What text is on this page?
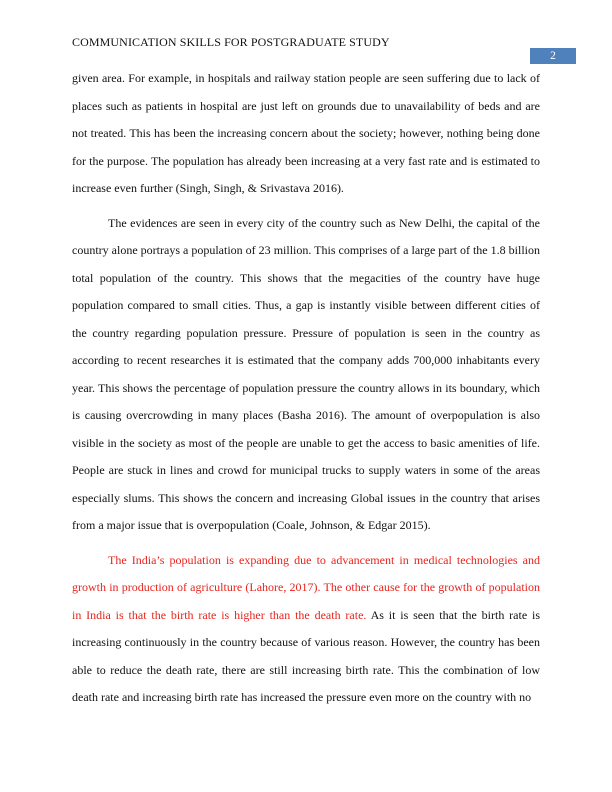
COMMUNICATION SKILLS FOR POSTGRADUATE STUDY
2

given area. For example, in hospitals and railway station people are seen suffering due to lack of places such as patients in hospital are just left on grounds due to unavailability of beds and are not treated. This has been the increasing concern about the society; however, nothing being done for the purpose. The population has already been increasing at a very fast rate and is estimated to increase even further (Singh, Singh, & Srivastava 2016).

The evidences are seen in every city of the country such as New Delhi, the capital of the country alone portrays a population of 23 million. This comprises of a large part of the 1.8 billion total population of the country. This shows that the megacities of the country have huge population compared to small cities. Thus, a gap is instantly visible between different cities of the country regarding population pressure. Pressure of population is seen in the country as according to recent researches it is estimated that the company adds 700,000 inhabitants every year. This shows the percentage of population pressure the country allows in its boundary, which is causing overcrowding in many places (Basha 2016). The amount of overpopulation is also visible in the society as most of the people are unable to get the access to basic amenities of life. People are stuck in lines and crowd for municipal trucks to supply waters in some of the areas especially slums. This shows the concern and increasing Global issues in the country that arises from a major issue that is overpopulation (Coale, Johnson, & Edgar 2015).

The India’s population is expanding due to advancement in medical technologies and growth in production of agriculture (Lahore, 2017). The other cause for the growth of population in India is that the birth rate is higher than the death rate. As it is seen that the birth rate is increasing continuously in the country because of various reason. However, the country has been able to reduce the death rate, there are still increasing birth rate. This the combination of low death rate and increasing birth rate has increased the pressure even more on the country with no
